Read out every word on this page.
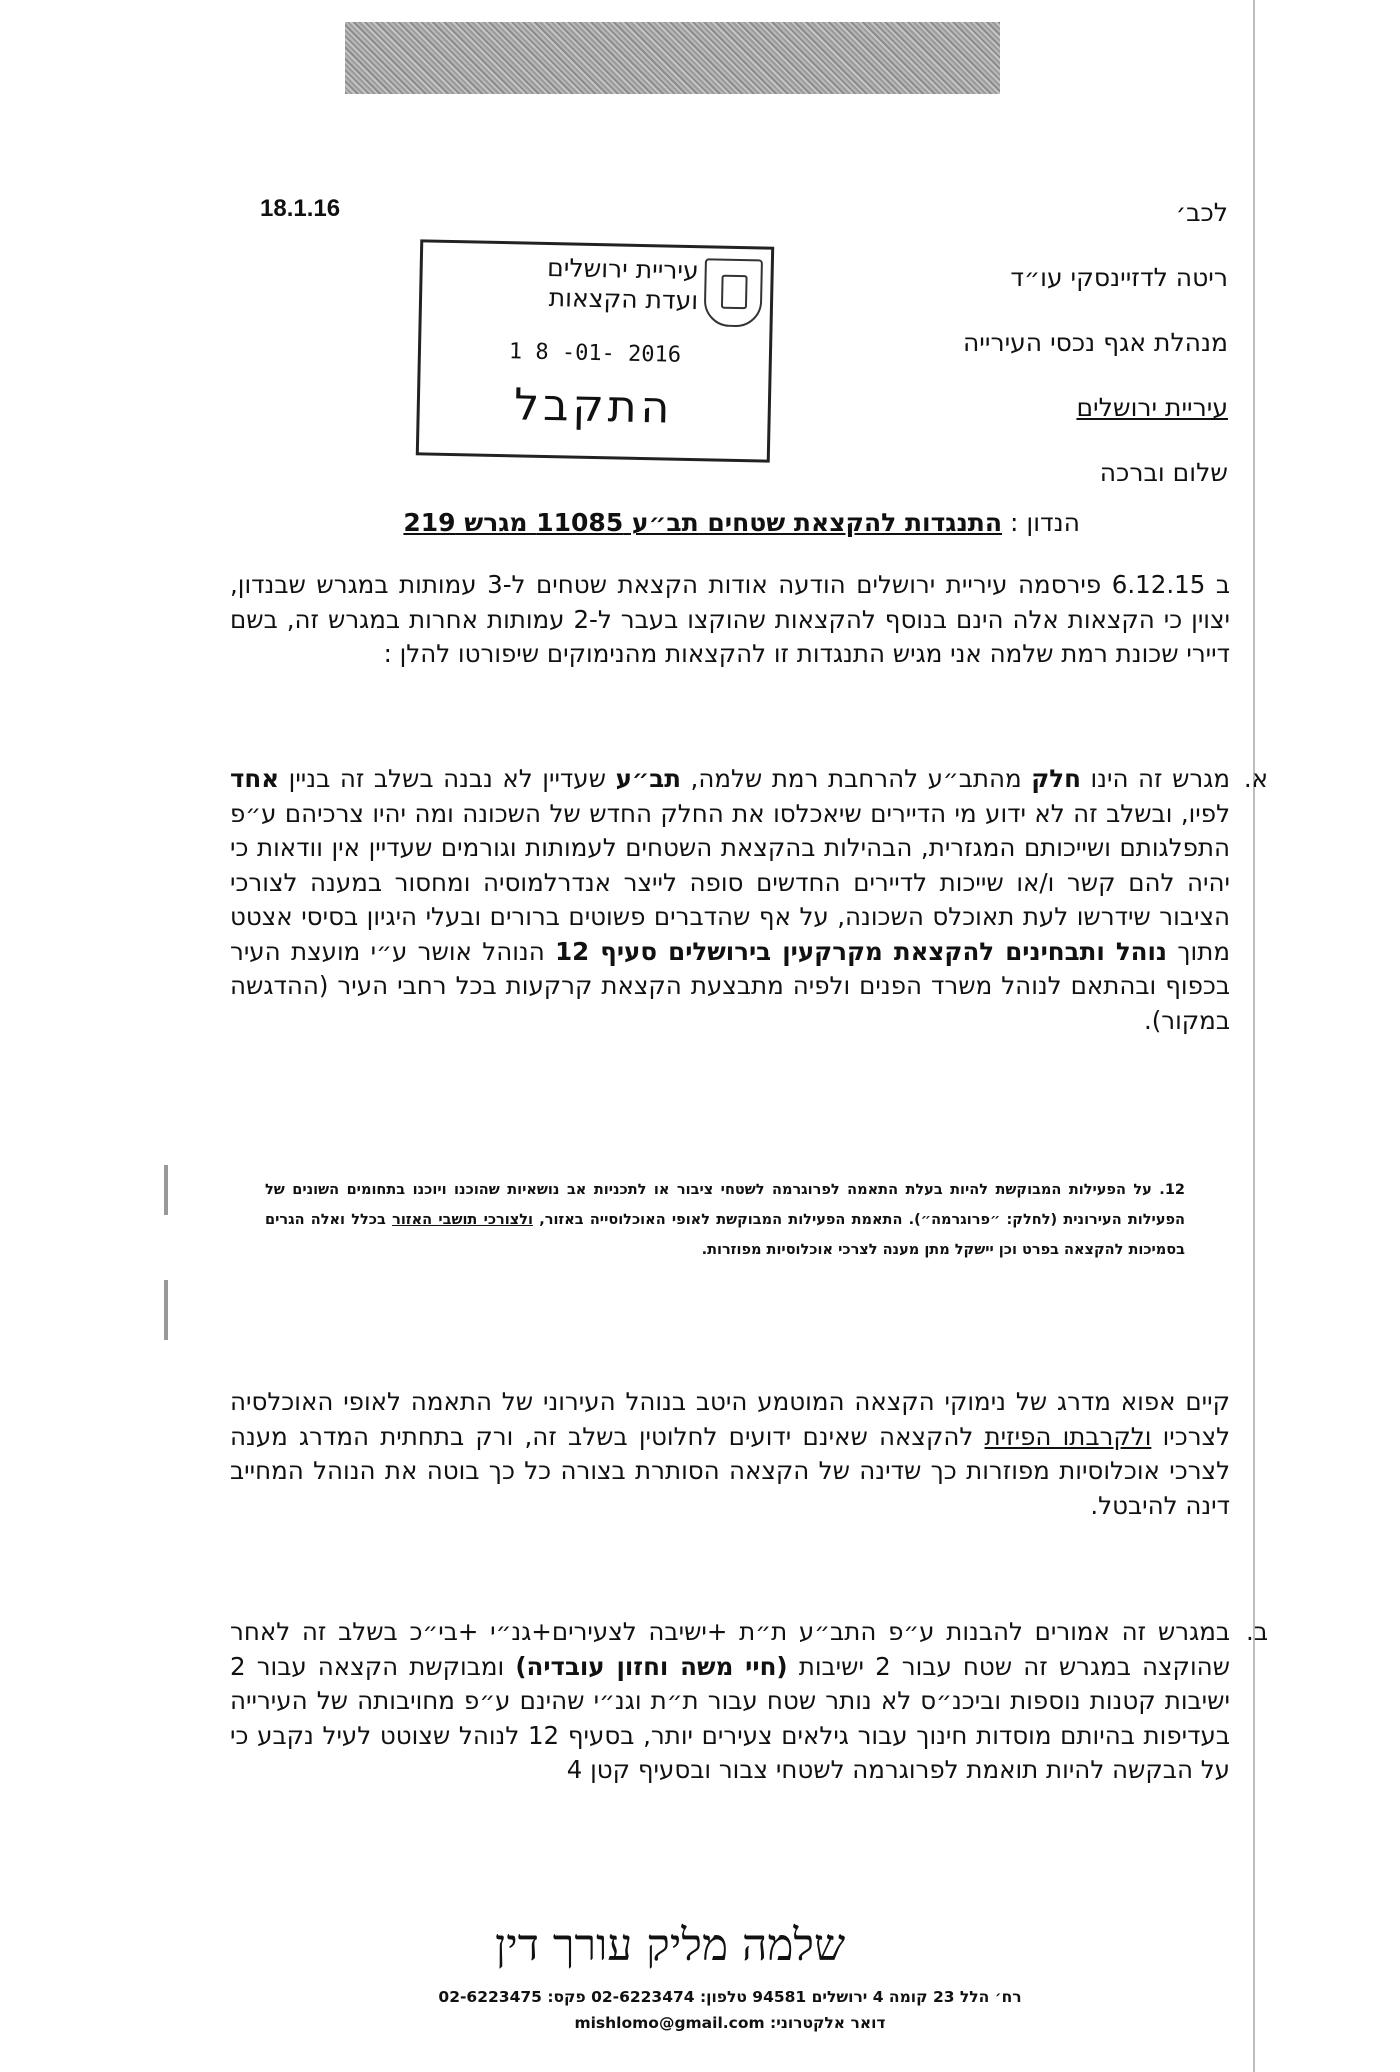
18.1.16	לכב׳
ריטה לדזיינסקי עו״ד
מנהלת אגף נכסי העירייה
עיריית ירושלים
שלום וברכה
עיריית ירושלים
ועדת הקצאות
1 8 -01- 2016
התקבל
הנדון : התנגדות להקצאת שטחים תב״ע 11085 מגרש 219
ב 6.12.15 פירסמה עיריית ירושלים הודעה אודות הקצאת שטחים ל-3 עמותות במגרש שבנדון, יצוין כי הקצאות אלה הינם בנוסף להקצאות שהוקצו בעבר ל-2 עמותות אחרות במגרש זה, בשם דיירי שכונת רמת שלמה אני מגיש התנגדות זו להקצאות מהנימוקים שיפורטו להלן :
א.
מגרש זה הינו חלק מהתב״ע להרחבת רמת שלמה, תב״ע שעדיין לא נבנה בשלב זה בניין אחד לפיו, ובשלב זה לא ידוע מי הדיירים שיאכלסו את החלק החדש של השכונה ומה יהיו צרכיהם ע״פ התפלגותם ושייכותם המגזרית, הבהילות בהקצאת השטחים לעמותות וגורמים שעדיין אין וודאות כי יהיה להם קשר ו/או שייכות לדיירים החדשים סופה לייצר אנדרלמוסיה ומחסור במענה לצורכי הציבור שידרשו לעת תאוכלס השכונה, על אף שהדברים פשוטים ברורים ובעלי היגיון בסיסי אצטט מתוך נוהל ותבחינים להקצאת מקרקעין בירושלים סעיף 12 הנוהל אושר ע״י מועצת העיר בכפוף ובהתאם לנוהל משרד הפנים ולפיה מתבצעת הקצאת קרקעות בכל רחבי העיר (ההדגשה במקור).
12. על הפעילות המבוקשת להיות בעלת התאמה לפרוגרמה לשטחי ציבור או לתכניות אב נושאיות שהוכנו ויוכנו בתחומים השונים של הפעילות העירונית (לחלק: ״פרוגרמה״). התאמת הפעילות המבוקשת לאופי האוכלוסייה באזור, ולצורכי תושבי האזור בכלל ואלה הגרים בסמיכות להקצאה בפרט וכן יישקל מתן מענה לצרכי אוכלוסיות מפוזרות.
קיים אפוא מדרג של נימוקי הקצאה המוטמע היטב בנוהל העירוני של התאמה לאופי האוכלסיה לצרכיו ולקרבתו הפיזית להקצאה שאינם ידועים לחלוטין בשלב זה, ורק בתחתית המדרג מענה לצרכי אוכלוסיות מפוזרות כך שדינה של הקצאה הסותרת בצורה כל כך בוטה את הנוהל המחייב דינה להיבטל.
ב.
במגרש זה אמורים להבנות ע״פ התב״ע ת״ת +ישיבה לצעירים+גנ״י +בי״כ בשלב זה לאחר שהוקצה במגרש זה שטח עבור 2 ישיבות (חיי משה וחזון עובדיה) ומבוקשת הקצאה עבור 2 ישיבות קטנות נוספות וביכנ״ס לא נותר שטח עבור ת״ת וגנ״י שהינם ע״פ מחויבותה של העירייה בעדיפות בהיותם מוסדות חינוך עבור גילאים צעירים יותר, בסעיף 12 לנוהל שצוטט לעיל נקבע כי על הבקשה להיות תואמת לפרוגרמה לשטחי צבור ובסעיף קטן 4
שלמה מליק עורך דין
רח׳ הלל 23 קומה 4 ירושלים 94581 טלפון: 02-6223474 פקס: 02-6223475
דואר אלקטרוני: mishlomo@gmail.com
